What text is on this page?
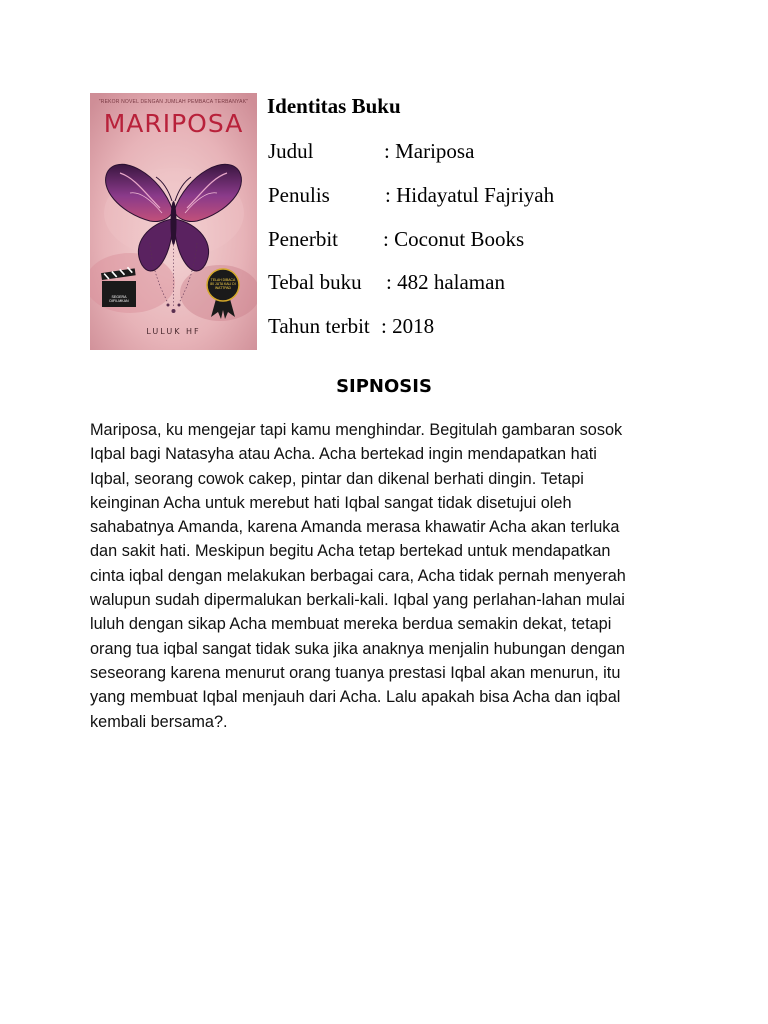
"REKOR NOVEL DENGAN JUMLAH PEMBACA TERBANYAK"
MARIPOSA
SEGERA DIFILMKAN
TELAH DIBACA 80 JUTA KALI DI WATTPAD
LULUK HF
Identitas Buku
Judul	: Mariposa
Penulis	: Hidayatul Fajriyah
Penerbit : Coconut Books
Tebal buku : 482 halaman
Tahun terbit : 2018
SIPNOSIS
Mariposa, ku mengejar tapi kamu menghindar. Begitulah gambaran sosok
Iqbal bagi Natasyha atau Acha. Acha bertekad ingin mendapatkan hati
Iqbal, seorang cowok cakep, pintar dan dikenal berhati dingin. Tetapi
keinginan Acha untuk merebut hati Iqbal sangat tidak disetujui oleh
sahabatnya Amanda, karena Amanda merasa khawatir Acha akan terluka
dan sakit hati. Meskipun begitu Acha tetap bertekad untuk mendapatkan
cinta iqbal dengan melakukan berbagai cara, Acha tidak pernah menyerah
walupun sudah dipermalukan berkali-kali. Iqbal yang perlahan-lahan mulai
luluh dengan sikap Acha membuat mereka berdua semakin dekat, tetapi
orang tua iqbal sangat tidak suka jika anaknya menjalin hubungan dengan
seseorang karena menurut orang tuanya prestasi Iqbal akan menurun, itu
yang membuat Iqbal menjauh dari Acha. Lalu apakah bisa Acha dan iqbal
kembali bersama?.
